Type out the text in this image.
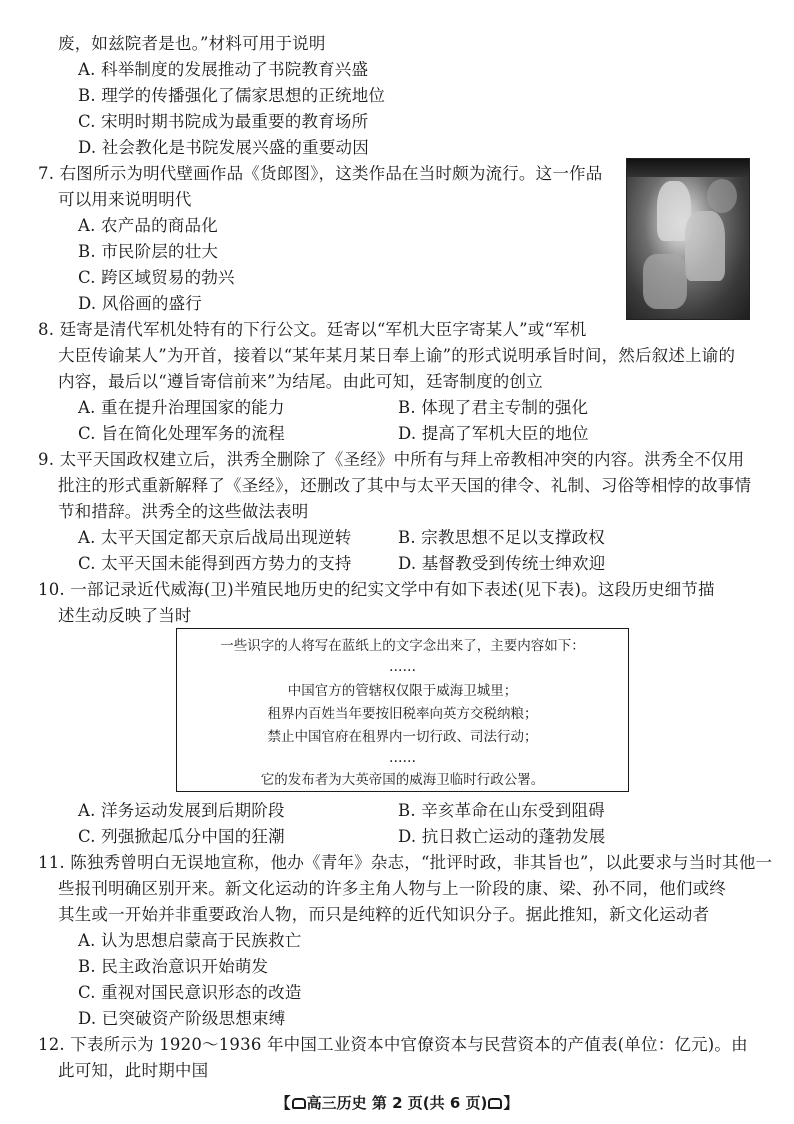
废，如兹院者是也。”材料可用于说明
A. 科举制度的发展推动了书院教育兴盛
B. 理学的传播强化了儒家思想的正统地位
C. 宋明时期书院成为最重要的教育场所
D. 社会教化是书院发展兴盛的重要动因
7. 右图所示为明代壁画作品《货郎图》，这类作品在当时颇为流行。这一作品
可以用来说明明代
A. 农产品的商品化
B. 市民阶层的壮大
C. 跨区域贸易的勃兴
D. 风俗画的盛行
8. 廷寄是清代军机处特有的下行公文。廷寄以“军机大臣字寄某人”或“军机
大臣传谕某人”为开首，接着以“某年某月某日奉上谕”的形式说明承旨时间，然后叙述上谕的
内容，最后以“遵旨寄信前来”为结尾。由此可知，廷寄制度的创立
A. 重在提升治理国家的能力	B. 体现了君主专制的强化
C. 旨在简化处理军务的流程	D. 提高了军机大臣的地位
9. 太平天国政权建立后，洪秀全删除了《圣经》中所有与拜上帝教相冲突的内容。洪秀全不仅用
批注的形式重新解释了《圣经》，还删改了其中与太平天国的律令、礼制、习俗等相悖的故事情
节和措辞。洪秀全的这些做法表明
A. 太平天国定都天京后战局出现逆转	B. 宗教思想不足以支撑政权
C. 太平天国未能得到西方势力的支持	D. 基督教受到传统士绅欢迎
10. 一部记录近代威海(卫)半殖民地历史的纪实文学中有如下表述(见下表)。这段历史细节描
述生动反映了当时
一些识字的人将写在蓝纸上的文字念出来了，主要内容如下：
……
中国官方的管辖权仅限于威海卫城里；
租界内百姓当年要按旧税率向英方交税纳粮；
禁止中国官府在租界内一切行政、司法行动；
……
它的发布者为大英帝国的威海卫临时行政公署。
A. 洋务运动发展到后期阶段	B. 辛亥革命在山东受到阻碍
C. 列强掀起瓜分中国的狂潮	D. 抗日救亡运动的蓬勃发展
11. 陈独秀曾明白无误地宣称，他办《青年》杂志，“批评时政，非其旨也”，以此要求与当时其他一
些报刊明确区别开来。新文化运动的许多主角人物与上一阶段的康、梁、孙不同，他们或终
其生或一开始并非重要政治人物，而只是纯粹的近代知识分子。据此推知，新文化运动者
A. 认为思想启蒙高于民族救亡
B. 民主政治意识开始萌发
C. 重视对国民意识形态的改造
D. 已突破资产阶级思想束缚
12. 下表所示为 1920～1936 年中国工业资本中官僚资本与民营资本的产值表(单位：亿元)。由
此可知，此时期中国
【 高三历史 第 2 页(共 6 页) 】
